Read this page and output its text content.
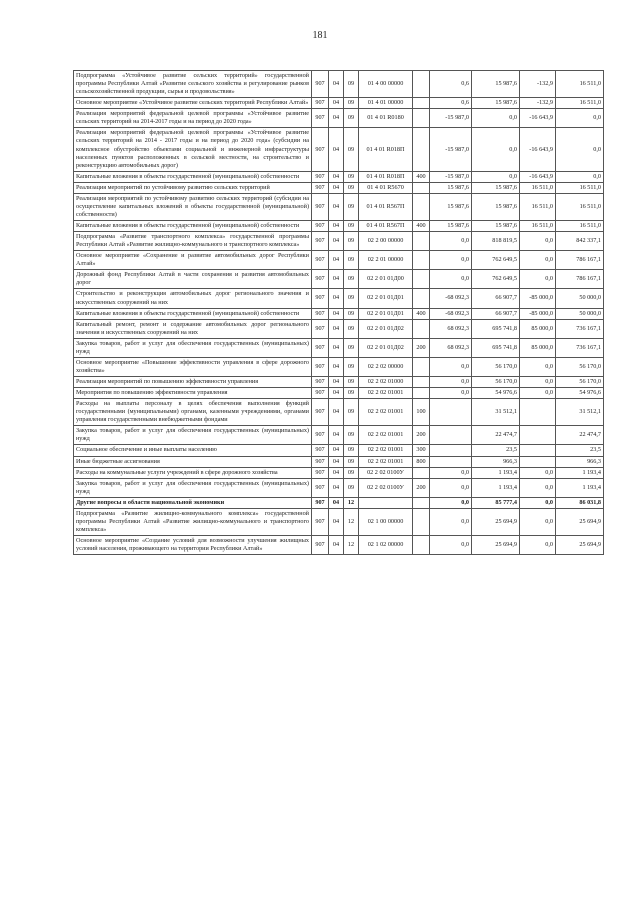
181
Подпрограмма «Устойчивое развитие сельских территорий» государственной программы Республики Алтай «Развитие сельского хозяйства и регулирование рынков сельскохозяйственной продукции, сырья и продовольствия»	907	04	09	01 4 00 00000		0,6	15 987,6	-132,9	16 511,0
Основное мероприятие «Устойчивое развитие сельских территорий Республики Алтай»	907	04	09	01 4 01 00000		0,6	15 987,6	-132,9	16 511,0
Реализация мероприятий федеральной целевой программы «Устойчивое развитие сельских территорий на 2014-2017 годы и на период до 2020 года»	907	04	09	01 4 01 R0180		-15 987,0	0,0	-16 643,9	0,0
Реализация мероприятий федеральной целевой программы «Устойчивое развитие сельских территорий на 2014 - 2017 годы и на период до 2020 года» (субсидии на комплексное обустройство объектами социальной и инженерной инфраструктуры населенных пунктов расположенных в сельской местности, на строительство и реконструкцию автомобильных дорог)	907	04	09	01 4 01 R018П		-15 987,0	0,0	-16 643,9	0,0
Капитальные вложения в объекты государственной (муниципальной) собственности	907	04	09	01 4 01 R018П	400	-15 987,0	0,0	-16 643,9	0,0
Реализация мероприятий по устойчивому развитию сельских территорий	907	04	09	01 4 01 R5670		15 987,6	15 987,6	16 511,0	16 511,0
Реализация мероприятий по устойчивому развитию сельских территорий (субсидии на осуществление капитальных вложений в объекты государственной (муниципальной) собственности)	907	04	09	01 4 01 R567П		15 987,6	15 987,6	16 511,0	16 511,0
Капитальные вложения в объекты государственной (муниципальной) собственности	907	04	09	01 4 01 R567П	400	15 987,6	15 987,6	16 511,0	16 511,0
Подпрограмма «Развитие транспортного комплекса» государственной программы Республики Алтай «Развитие жилищно-коммунального и транспортного комплекса»	907	04	09	02 2 00 00000		0,0	818 819,5	0,0	842 337,1
Основное мероприятие «Сохранение и развитие автомобильных дорог Республики Алтай»	907	04	09	02 2 01 00000		0,0	762 649,5	0,0	786 167,1
Дорожный фонд Республики Алтай в части сохранения и развития автомобильных дорог	907	04	09	02 2 01 01Д00		0,0	762 649,5	0,0	786 167,1
Строительство и реконструкция автомобильных дорог регионального значения и искусственных сооружений на них	907	04	09	02 2 01 01Д01		-68 092,3	66 907,7	-85 000,0	50 000,0
Капитальные вложения в объекты государственной (муниципальной) собственности	907	04	09	02 2 01 01Д01	400	-68 092,3	66 907,7	-85 000,0	50 000,0
Капитальный ремонт, ремонт и содержание автомобильных дорог регионального значения и искусственных сооружений на них	907	04	09	02 2 01 01Д02		68 092,3	695 741,8	85 000,0	736 167,1
Закупка товаров, работ и услуг для обеспечения государственных (муниципальных) нужд	907	04	09	02 2 01 01Д02	200	68 092,3	695 741,8	85 000,0	736 167,1
Основное мероприятие «Повышение эффективности управления в сфере дорожного хозяйства»	907	04	09	02 2 02 00000		0,0	56 170,0	0,0	56 170,0
Реализация мероприятий по повышению эффективности управления	907	04	09	02 2 02 01000		0,0	56 170,0	0,0	56 170,0
Мероприятия по повышению эффективности управления	907	04	09	02 2 02 01001		0,0	54 976,6	0,0	54 976,6
Расходы на выплаты персоналу в целях обеспечения выполнения функций государственными (муниципальными) органами, казенными учреждениями, органами управления государственными внебюджетными фондами	907	04	09	02 2 02 01001	100		31 512,1		31 512,1
Закупка товаров, работ и услуг для обеспечения государственных (муниципальных) нужд	907	04	09	02 2 02 01001	200		22 474,7		22 474,7
Социальное обеспечение и иные выплаты населению	907	04	09	02 2 02 01001	300		23,5		23,5
Иные бюджетные ассигнования	907	04	09	02 2 02 01001	800		966,3		966,3
Расходы на коммунальные услуги учреждений в сфере дорожного хозяйства	907	04	09	02 2 02 0100У		0,0	1 193,4	0,0	1 193,4
Закупка товаров, работ и услуг для обеспечения государственных (муниципальных) нужд	907	04	09	02 2 02 0100У	200	0,0	1 193,4	0,0	1 193,4
Другие вопросы в области национальной экономики	907	04	12			0,0	85 777,4	0,0	86 031,8
Подпрограмма «Развитие жилищно-коммунального комплекса» государственной программы Республики Алтай «Развитие жилищно-коммунального и транспортного комплекса»	907	04	12	02 1 00 00000		0,0	25 694,9	0,0	25 694,9
Основное мероприятие «Создание условий для возможности улучшения жилищных условий населения, проживающего на территории Республики Алтай»	907	04	12	02 1 02 00000		0,0	25 694,9	0,0	25 694,9
